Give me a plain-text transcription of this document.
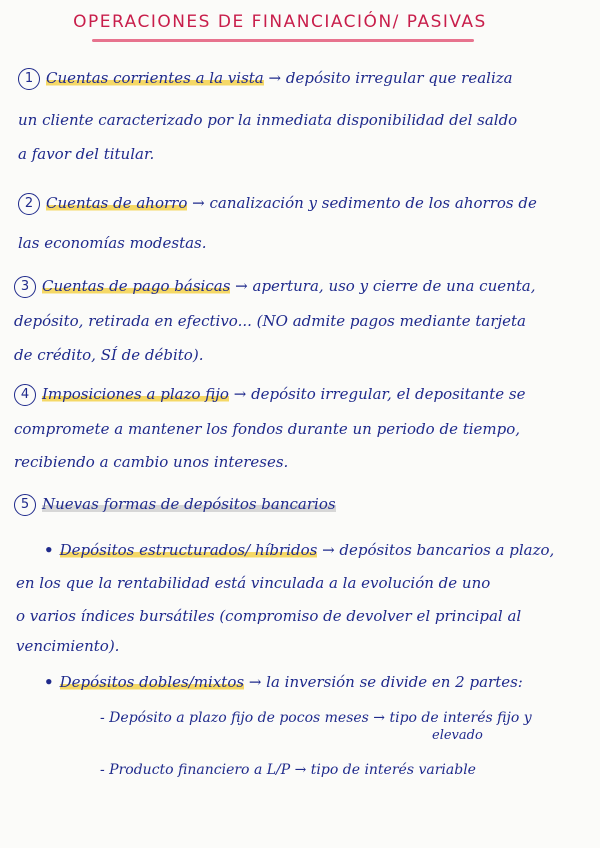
OPERACIONES DE FINANCIACIÓN/ PASIVAS
1 Cuentas corrientes a la vista → depósito irregular que realiza
un cliente caracterizado por la inmediata disponibilidad del saldo
a favor del titular.
2 Cuentas de ahorro → canalización y sedimento de los ahorros de
las economías modestas.
3 Cuentas de pago básicas → apertura, uso y cierre de una cuenta,
depósito, retirada en efectivo... (NO admite pagos mediante tarjeta
de crédito, SÍ de débito).
4 Imposiciones a plazo fijo → depósito irregular, el depositante se
compromete a mantener los fondos durante un periodo de tiempo,
recibiendo a cambio unos intereses.
5 Nuevas formas de depósitos bancarios
• Depósitos estructurados/ híbridos → depósitos bancarios a plazo,
en los que la rentabilidad está vinculada a la evolución de uno
o varios índices bursátiles (compromiso de devolver el principal al
vencimiento).
• Depósitos dobles/mixtos → la inversión se divide en 2 partes:
- Depósito a plazo fijo de pocos meses → tipo de interés fijo y
elevado
- Producto financiero a L/P → tipo de interés variable
